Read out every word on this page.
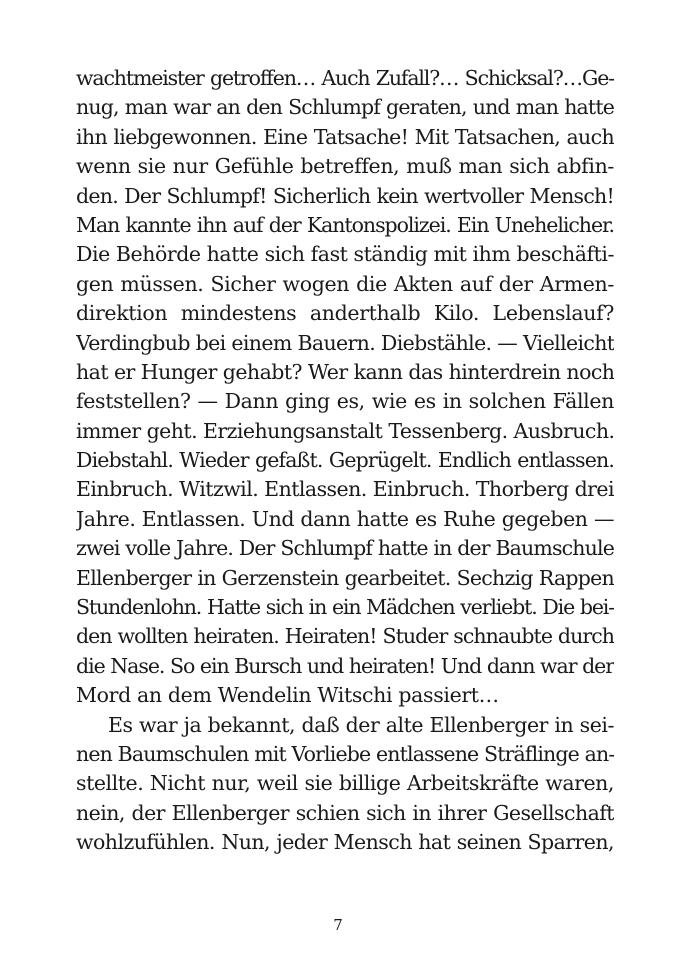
wachtmeister getroffen… Auch Zufall?… Schicksal?…Ge-
nug, man war an den Schlumpf geraten, und man hatte
ihn liebgewonnen. Eine Tatsache! Mit Tatsachen, auch
wenn sie nur Gefühle betreffen, muß man sich abfin-
den. Der Schlumpf! Sicherlich kein wertvoller Mensch!
Man kannte ihn auf der Kantonspolizei. Ein Unehelicher.
Die Behörde hatte sich fast ständig mit ihm beschäfti-
gen müssen. Sicher wogen die Akten auf der Armen-
direktion mindestens anderthalb Kilo. Lebenslauf?
Verdingbub bei einem Bauern. Diebstähle. — Vielleicht
hat er Hunger gehabt? Wer kann das hinterdrein noch
feststellen? — Dann ging es, wie es in solchen Fällen
immer geht. Erziehungsanstalt Tessenberg. Ausbruch.
Diebstahl. Wieder gefaßt. Geprügelt. Endlich entlassen.
Einbruch. Witzwil. Entlassen. Einbruch. Thorberg drei
Jahre. Entlassen. Und dann hatte es Ruhe gegeben —
zwei volle Jahre. Der Schlumpf hatte in der Baumschule
Ellenberger in Gerzenstein gearbeitet. Sechzig Rappen
Stundenlohn. Hatte sich in ein Mädchen verliebt. Die bei-
den wollten heiraten. Heiraten! Studer schnaubte durch
die Nase. So ein Bursch und heiraten! Und dann war der
Mord an dem Wendelin Witschi passiert…
Es war ja bekannt, daß der alte Ellenberger in sei-
nen Baumschulen mit Vorliebe entlassene Sträflinge an-
stellte. Nicht nur, weil sie billige Arbeitskräfte waren,
nein, der Ellenberger schien sich in ihrer Gesellschaft
wohlzufühlen. Nun, jeder Mensch hat seinen Sparren,
7
